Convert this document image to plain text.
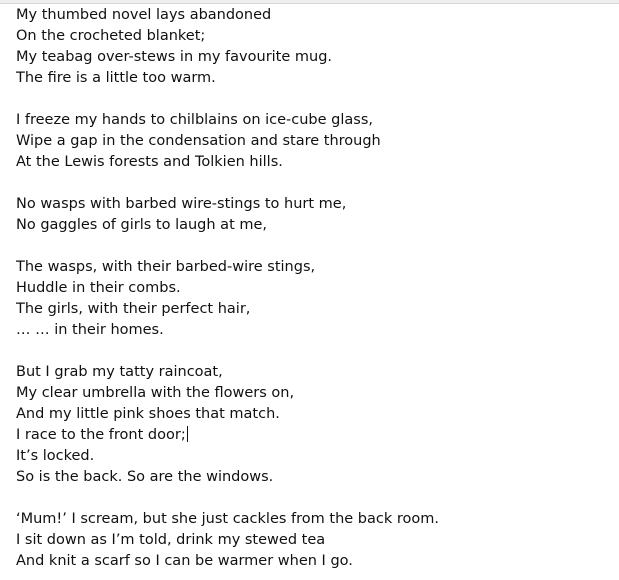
My thumbed novel lays abandoned
On the crocheted blanket;
My teabag over-stews in my favourite mug.
The fire is a little too warm.
I freeze my hands to chilblains on ice-cube glass,
Wipe a gap in the condensation and stare through
At the Lewis forests and Tolkien hills.
No wasps with barbed wire-stings to hurt me,
No gaggles of girls to laugh at me,
The wasps, with their barbed-wire stings,
Huddle in their combs.
The girls, with their perfect hair,
… … in their homes.
But I grab my tatty raincoat,
My clear umbrella with the flowers on,
And my little pink shoes that match.
I race to the front door;
It’s locked.
So is the back. So are the windows.
‘Mum!’ I scream, but she just cackles from the back room.
I sit down as I’m told, drink my stewed tea
And knit a scarf so I can be warmer when I go.
